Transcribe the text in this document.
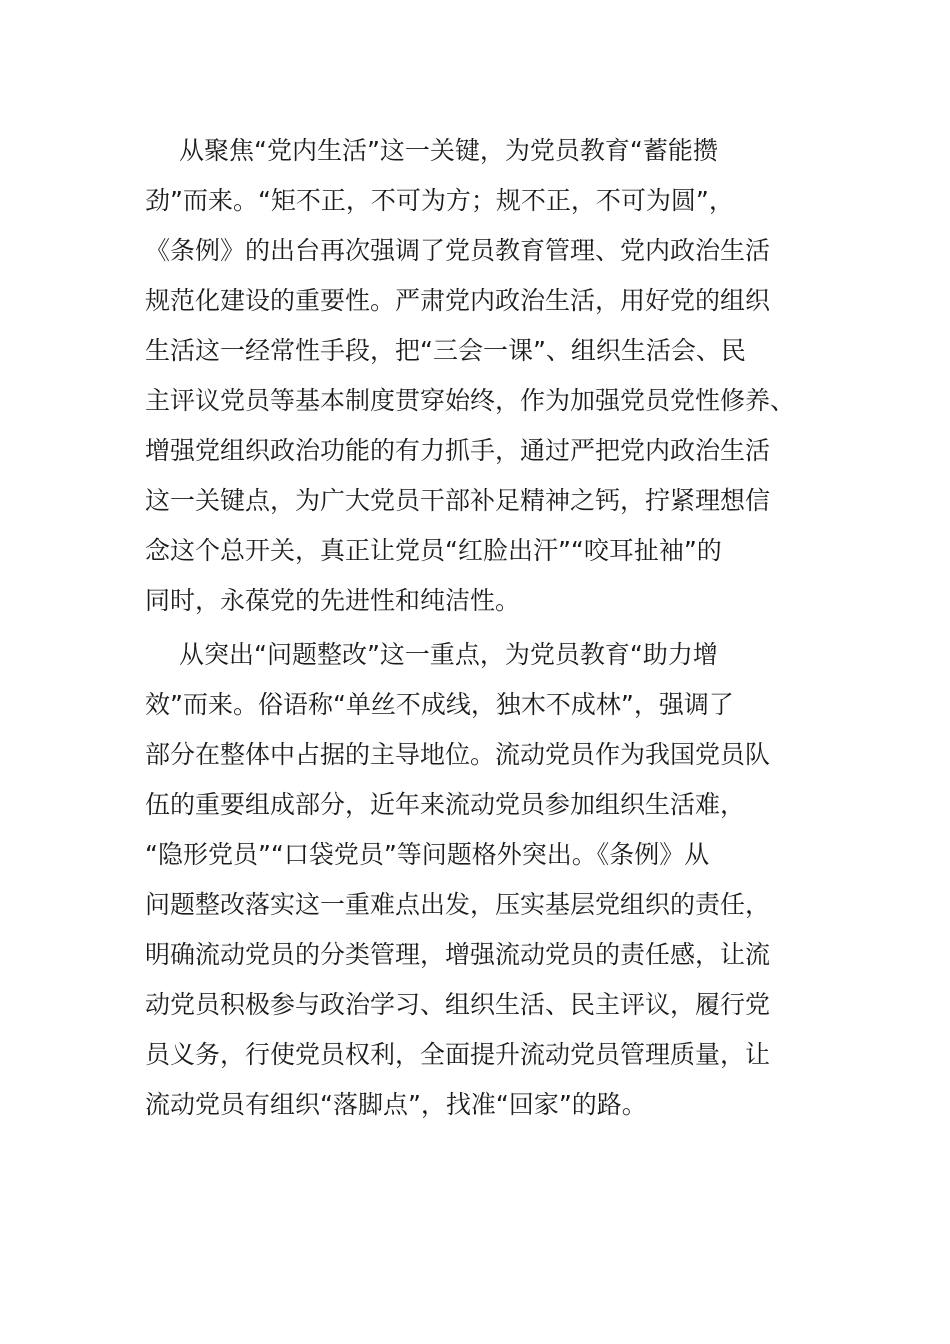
从聚焦“党内生活”这一关键，为党员教育“蓄能攒
劲”而来。“矩不正，不可为方；规不正，不可为圆”，
《条例》的出台再次强调了党员教育管理、党内政治生活
规范化建设的重要性。严肃党内政治生活，用好党的组织
生活这一经常性手段，把“三会一课”、组织生活会、民
主评议党员等基本制度贯穿始终，作为加强党员党性修养、
增强党组织政治功能的有力抓手，通过严把党内政治生活
这一关键点，为广大党员干部补足精神之钙，拧紧理想信
念这个总开关，真正让党员“红脸出汗”“咬耳扯袖”的
同时，永葆党的先进性和纯洁性。
从突出“问题整改”这一重点，为党员教育“助力增
效”而来。俗语称“单丝不成线，独木不成林”，强调了
部分在整体中占据的主导地位。流动党员作为我国党员队
伍的重要组成部分，近年来流动党员参加组织生活难，
“隐形党员”“口袋党员”等问题格外突出。《条例》从
问题整改落实这一重难点出发，压实基层党组织的责任，
明确流动党员的分类管理，增强流动党员的责任感，让流
动党员积极参与政治学习、组织生活、民主评议，履行党
员义务，行使党员权利，全面提升流动党员管理质量，让
流动党员有组织“落脚点”，找准“回家”的路。
